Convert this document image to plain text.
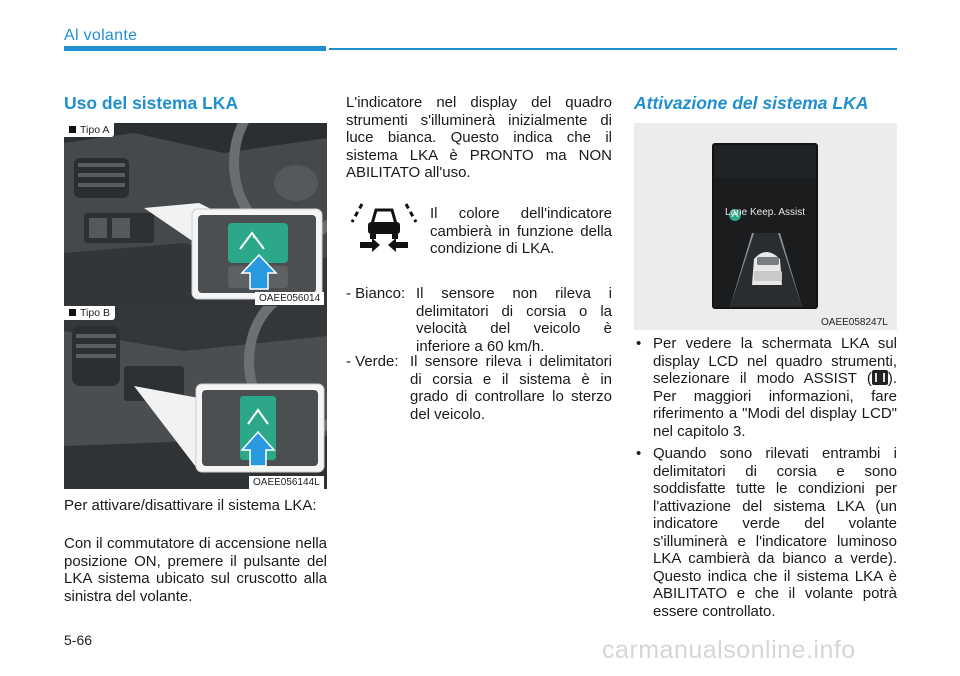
Al volante
Uso del sistema LKA
Tipo A
OAEE056014
Tipo B
OAEE056144L

Per attivare/disattivare il sistema LKA:

Con il commutatore di accensione nella posizione ON, premere il pulsante del LKA sistema ubicato sul cruscotto alla sinistra del volante.

L'indicatore nel display del quadro strumenti s'illuminerà inizialmente di luce bianca. Questo indica che il sistema LKA è PRONTO ma NON ABILITATO all'uso.

Il colore dell'indicatore cambierà in funzione della condizione di LKA.

- Bianco: Il sensore non rileva i delimitatori di corsia o la velocità del veicolo è inferiore a 60 km/h.
- Verde: Il sensore rileva i delimitatori di corsia e il sistema è in grado di controllare lo sterzo del veicolo.
Attivazione del sistema LKA
Lane Keep. Assist
OAEE058247L
• Per vedere la schermata LKA sul display LCD nel quadro strumenti, selezionare il modo ASSIST ( ). Per maggiori informazioni, fare riferimento a "Modi del display LCD" nel capitolo 3.
• Quando sono rilevati entrambi i delimitatori di corsia e sono soddisfatte tutte le condizioni per l'attivazione del sistema LKA (un indicatore verde del volante s'illuminerà e l'indicatore luminoso LKA cambierà da bianco a verde). Questo indica che il sistema LKA è ABILITATO e che il volante potrà essere controllato.
5-66	carmanualsonline.info
